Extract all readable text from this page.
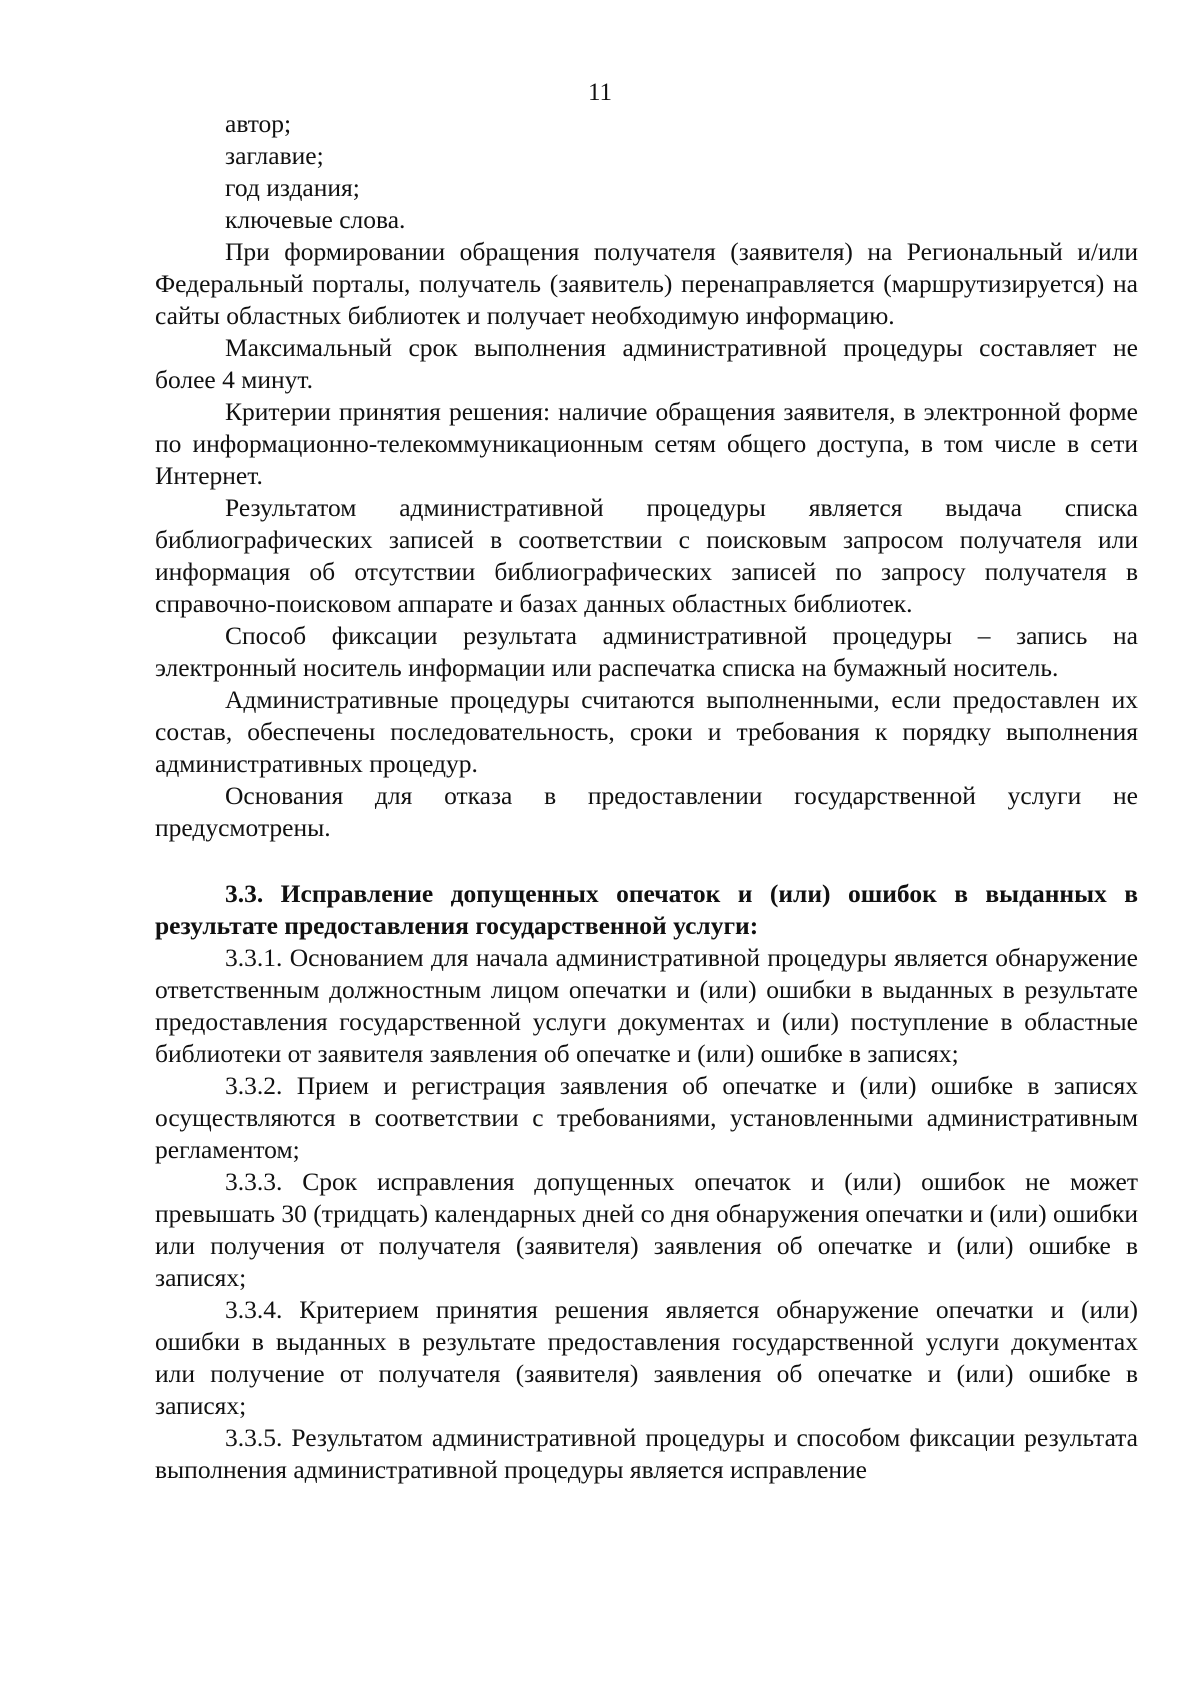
11

автор;

заглавие;

год издания;

ключевые слова.

При формировании обращения получателя (заявителя) на Региональный и/или Федеральный порталы, получатель (заявитель) перенаправляется (маршрутизируется) на сайты областных библиотек и получает необходимую информацию.

Максимальный срок выполнения административной процедуры составляет не более 4 минут.

Критерии принятия решения: наличие обращения заявителя, в электронной форме по информационно-телекоммуникационным сетям общего доступа, в том числе в сети Интернет.

Результатом административной процедуры является выдача списка библиографических записей в соответствии с поисковым запросом получателя или информация об отсутствии библиографических записей по запросу получателя в справочно-поисковом аппарате и базах данных областных библиотек.

Способ фиксации результата административной процедуры – запись на электронный носитель информации или распечатка списка на бумажный носитель.

Административные процедуры считаются выполненными, если предоставлен их состав, обеспечены последовательность, сроки и требования к порядку выполнения административных процедур.

Основания для отказа в предоставлении государственной услуги не предусмотрены.

3.3. Исправление допущенных опечаток и (или) ошибок в выданных в результате предоставления государственной услуги:

3.3.1. Основанием для начала административной процедуры является обнаружение ответственным должностным лицом опечатки и (или) ошибки в выданных в результате предоставления государственной услуги документах и (или) поступление в областные библиотеки от заявителя заявления об опечатке и (или) ошибке в записях;

3.3.2. Прием и регистрация заявления об опечатке и (или) ошибке в записях осуществляются в соответствии с требованиями, установленными административным регламентом;

3.3.3. Срок исправления допущенных опечаток и (или) ошибок не может превышать 30 (тридцать) календарных дней со дня обнаружения опечатки и (или) ошибки или получения от получателя (заявителя) заявления об опечатке и (или) ошибке в записях;

3.3.4. Критерием принятия решения является обнаружение опечатки и (или) ошибки в выданных в результате предоставления государственной услуги документах или получение от получателя (заявителя) заявления об опечатке и (или) ошибке в записях;

3.3.5. Результатом административной процедуры и способом фиксации результата выполнения административной процедуры является исправление
